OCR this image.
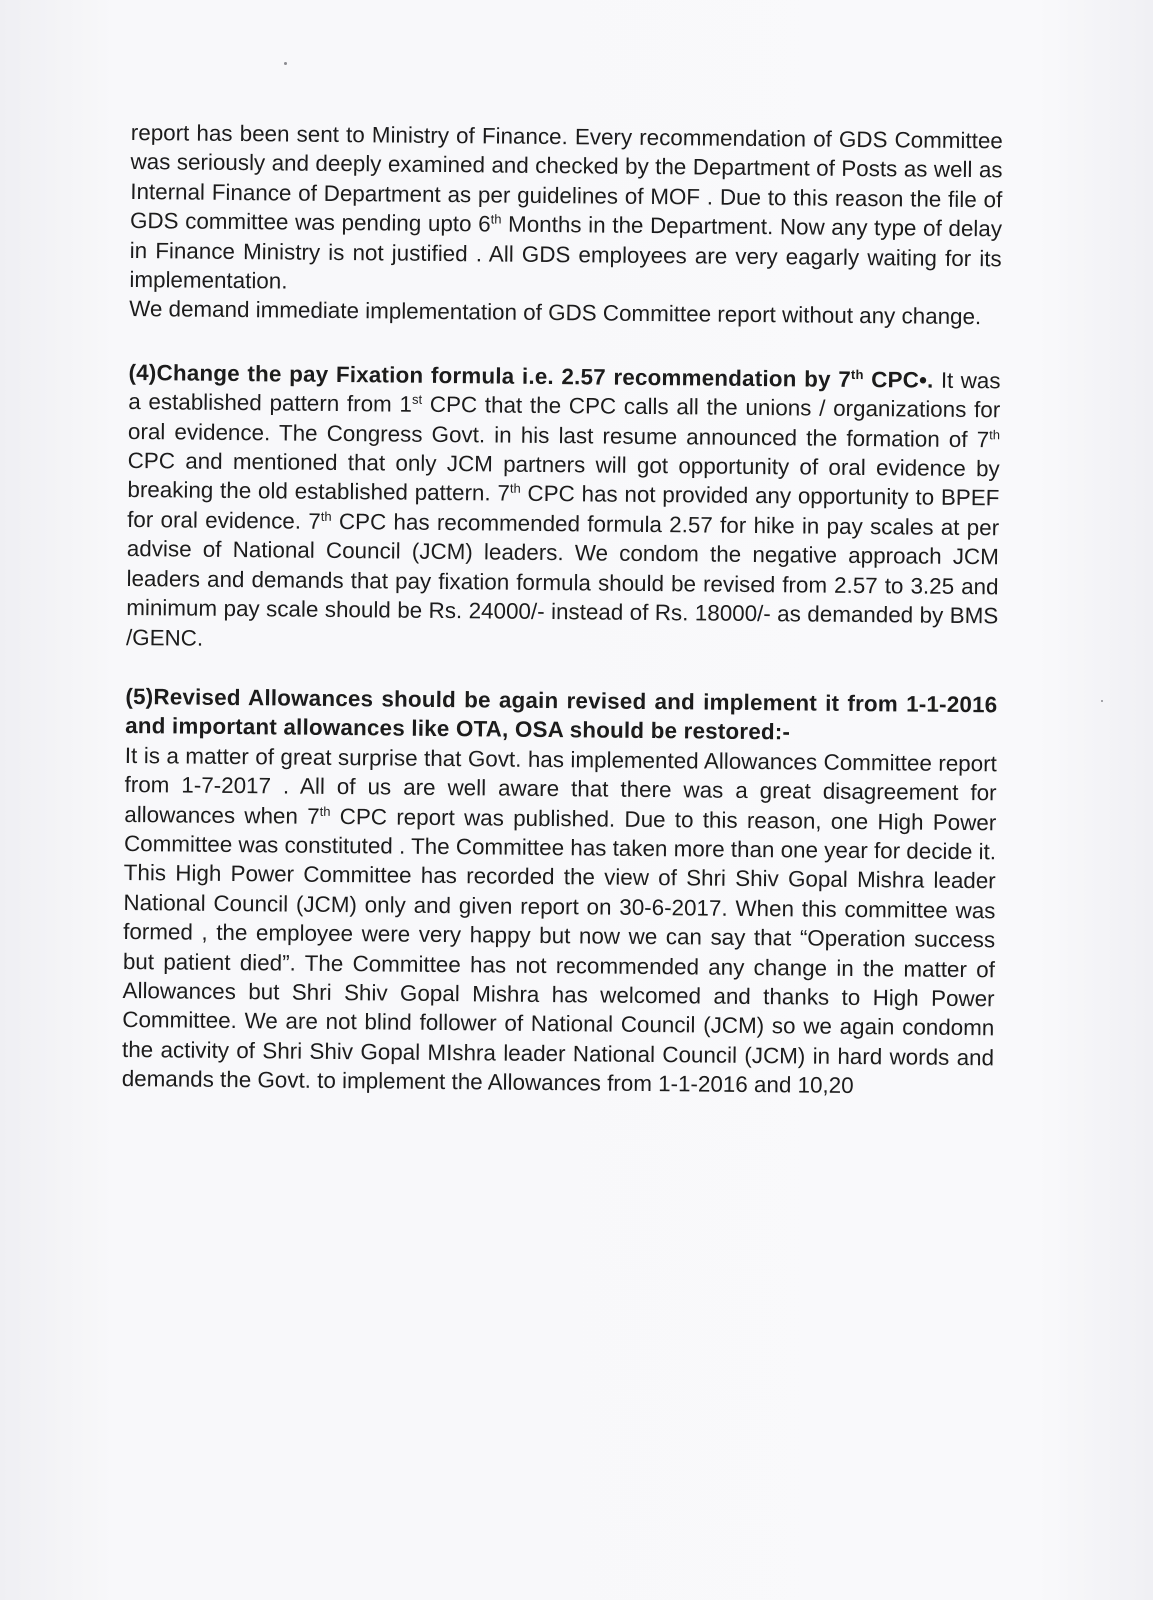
report has been sent to Ministry of Finance. Every recommendation of GDS Committee was seriously and deeply examined and checked by the Department of Posts as well as Internal Finance of Department as per guidelines of MOF . Due to this reason the file of GDS committee was pending upto 6th Months in the Department. Now any type of delay in Finance Ministry is not justified . All GDS employees are very eagarly waiting for its implementation.

We demand immediate implementation of GDS Committee report without any change.

(4)Change the pay Fixation formula i.e. 2.57 recommendation by 7th CPC•. It was a established pattern from 1st CPC that the CPC calls all the unions / organizations for oral evidence. The Congress Govt. in his last resume announced the formation of 7th CPC and mentioned that only JCM partners will got opportunity of oral evidence by breaking the old established pattern. 7th CPC has not provided any opportunity to BPEF for oral evidence. 7th CPC has recommended formula 2.57 for hike in pay scales at per advise of National Council (JCM) leaders. We condom the negative approach JCM leaders and demands that pay fixation formula should be revised from 2.57 to 3.25 and minimum pay scale should be Rs. 24000/- instead of Rs. 18000/- as demanded by BMS /GENC.

(5)Revised Allowances should be again revised and implement it from 1-1-2016 and important allowances like OTA, OSA should be restored:-

It is a matter of great surprise that Govt. has implemented Allowances Committee report from 1-7-2017 . All of us are well aware that there was a great disagreement for allowances when 7th CPC report was published. Due to this reason, one High Power Committee was constituted . The Committee has taken more than one year for decide it. This High Power Committee has recorded the view of Shri Shiv Gopal Mishra leader National Council (JCM) only and given report on 30-6-2017. When this committee was formed , the employee were very happy but now we can say that “Operation success but patient died”. The Committee has not recommended any change in the matter of Allowances but Shri Shiv Gopal Mishra has welcomed and thanks to High Power Committee. We are not blind follower of National Council (JCM) so we again condomn the activity of Shri Shiv Gopal MIshra leader National Council (JCM) in hard words and demands the Govt. to implement the Allowances from 1-1-2016 and 10,20
